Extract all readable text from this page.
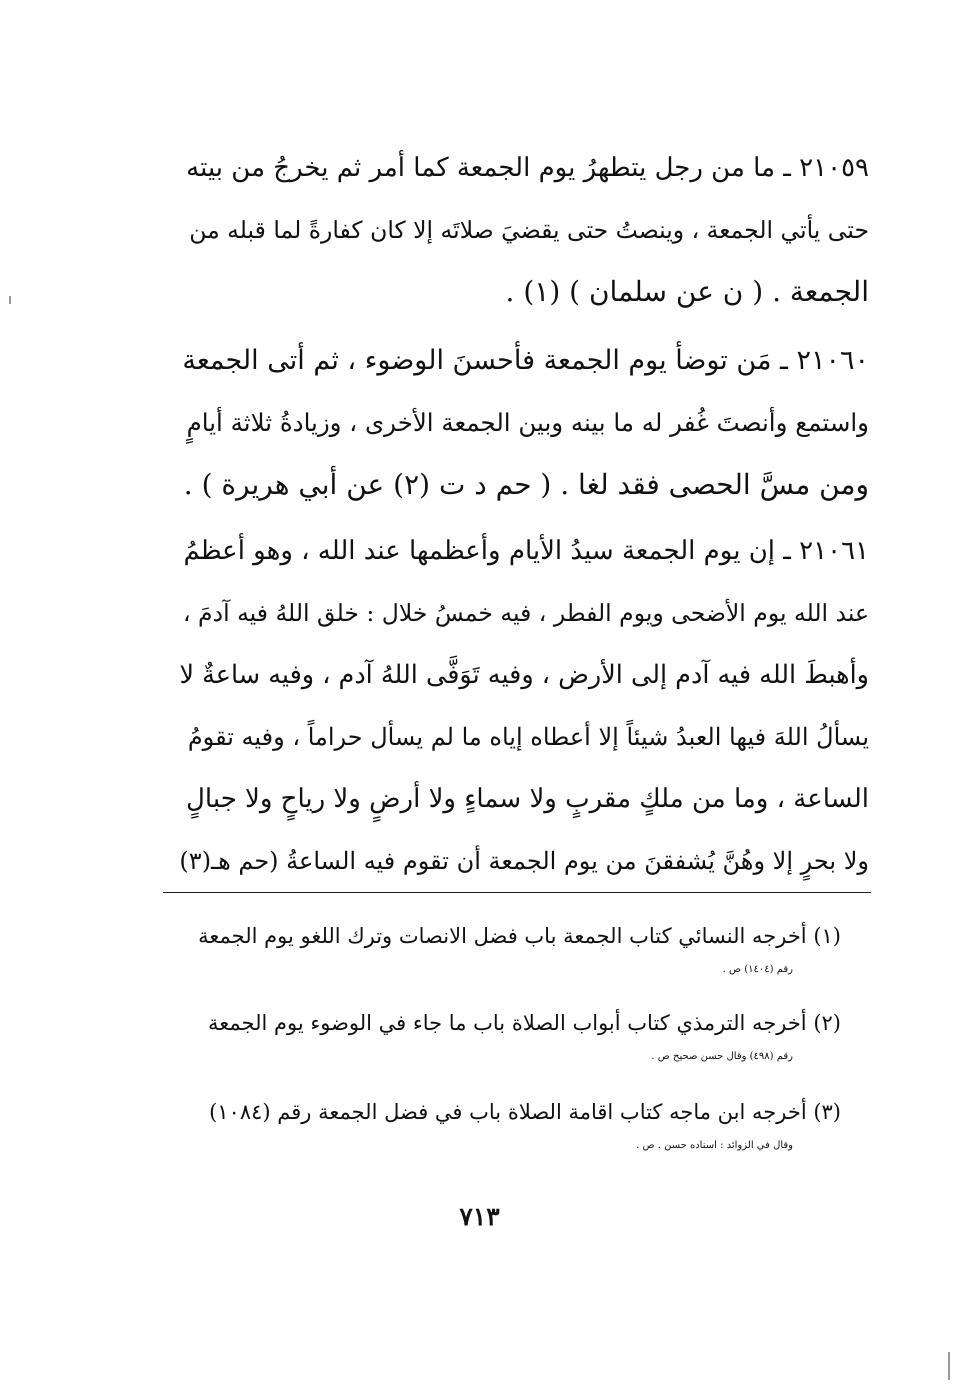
٢١٠٥٩ ـ ما من رجل يتطهرُ يوم الجمعة كما أمر ثم يخرجُ من بيته
حتى يأتي الجمعة ، وينصتُ حتى يقضيَ صلاتَه إلا كان كفارةً لما قبله من
الجمعة . ( ن عن سلمان ) (١) .
٢١٠٦٠ ـ مَن توضأ يوم الجمعة فأحسنَ الوضوء ، ثم أتى الجمعة
واستمع وأنصتَ غُفر له ما بينه وبين الجمعة الأخرى ، وزيادةُ ثلاثة أيامٍ
ومن مسَّ الحصى فقد لغا . ( حم د ت (٢) عن أبي هريرة ) .
٢١٠٦١ ـ إن يوم الجمعة سيدُ الأيام وأعظمها عند الله ، وهو أعظمُ
عند الله يوم الأضحى ويوم الفطر ، فيه خمسُ خلال : خلق اللهُ فيه آدمَ ،
وأهبطَ الله فيه آدم إلى الأرض ، وفيه تَوَفَّى اللهُ آدم ، وفيه ساعةٌ لا
يسألُ اللهَ فيها العبدُ شيئاً إلا أعطاه إياه ما لم يسأل حراماً ، وفيه تقومُ
الساعة ، وما من ملكٍ مقربٍ ولا سماءٍ ولا أرضٍ ولا رياحٍ ولا جبالٍ
ولا بحرٍ إلا وهُنَّ يُشفقنَ من يوم الجمعة أن تقوم فيه الساعةُ (حم هـ(٣)
(١) أخرجه النسائي كتاب الجمعة باب فضل الانصات وترك اللغو يوم الجمعة
رقم (١٤٠٤) ص .
(٢) أخرجه الترمذي كتاب أبواب الصلاة باب ما جاء في الوضوء يوم الجمعة
رقم (٤٩٨) وقال حسن صحيح ص .
(٣) أخرجه ابن ماجه كتاب اقامة الصلاة باب في فضل الجمعة رقم (١٠٨٤)
وقال في الزوائد : اسناده حسن . ص .
٧١٣
